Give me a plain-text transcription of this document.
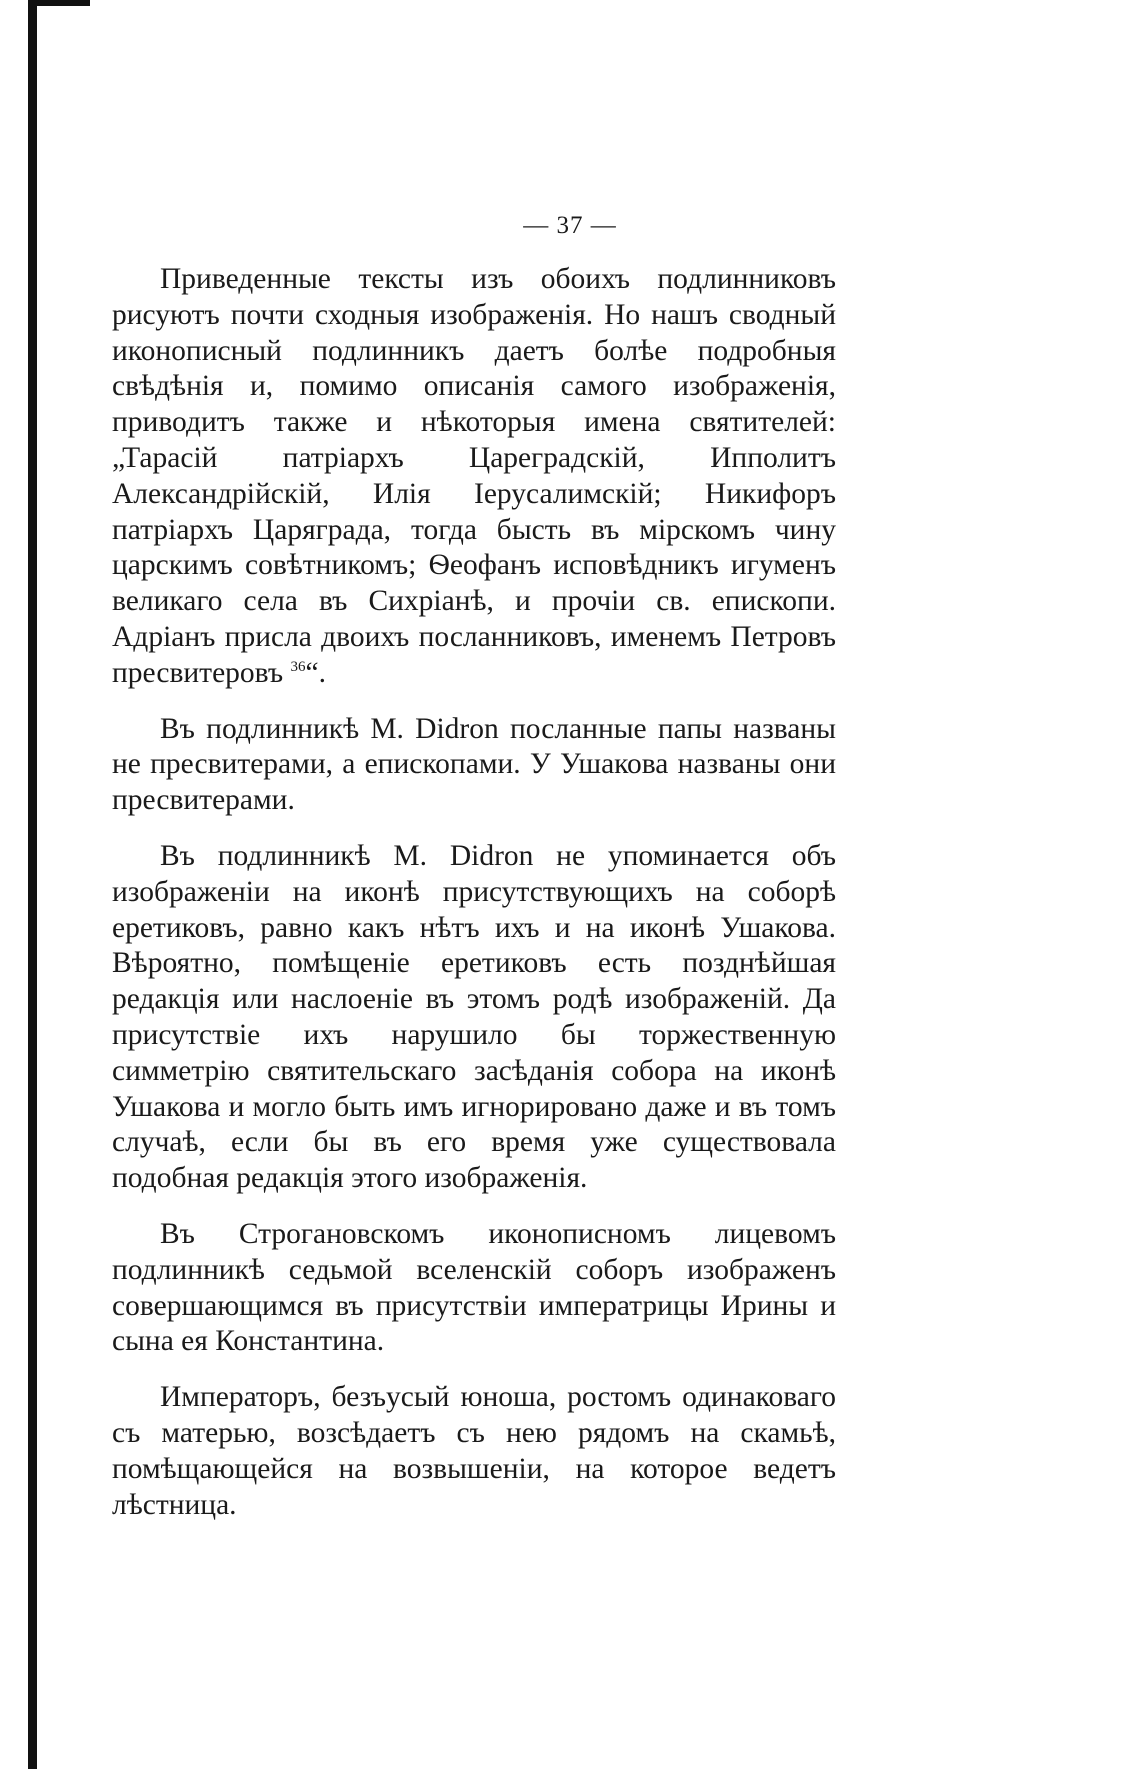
— 37 —

Приведенные тексты изъ обоихъ подлинниковъ рисуютъ почти сходныя изображенія. Но нашъ сводный иконописный подлинникъ даетъ болѣе подробныя свѣдѣнія и, помимо описанія самого изображенія, приводитъ также и нѣкоторыя имена святителей: „Тарасій патріархъ Цареградскій, Ипполитъ Александрійскій, Илія Іерусалимскій; Никифоръ патріархъ Царяграда, тогда бысть въ мірскомъ чину царскимъ совѣтникомъ; Ѳеофанъ исповѣдникъ игуменъ великаго села въ Сихріанѣ, и прочіи св. епископи. Адріанъ присла двоихъ посланниковъ, именемъ Петровъ пресвитеровъ $^{36}$“.

Въ подлинникѣ M. Didron посланные папы названы не пресвитерами, а епископами. У Ушакова названы они пресвитерами.

Въ подлинникѣ M. Didron не упоминается объ изображеніи на иконѣ присутствующихъ на соборѣ еретиковъ, равно какъ нѣтъ ихъ и на иконѣ Ушакова. Вѣроятно, помѣщеніе еретиковъ есть позднѣйшая редакція или наслоеніе въ этомъ родѣ изображеній. Да присутствіе ихъ нарушило бы торжественную симметрію святительскаго засѣданія собора на иконѣ Ушакова и могло быть имъ игнорировано даже и въ томъ случаѣ, если бы въ его время уже существовала подобная редакція этого изображенія.

Въ Строгановскомъ иконописномъ лицевомъ подлинникѣ седьмой вселенскій соборъ изображенъ совершающимся въ присутствіи императрицы Ирины и сына ея Константина.

Императоръ, безъусый юноша, ростомъ одинаковаго съ матерью, возсѣдаетъ съ нею рядомъ на скамьѣ, помѣщающейся на возвышеніи, на которое ведетъ лѣстница.
